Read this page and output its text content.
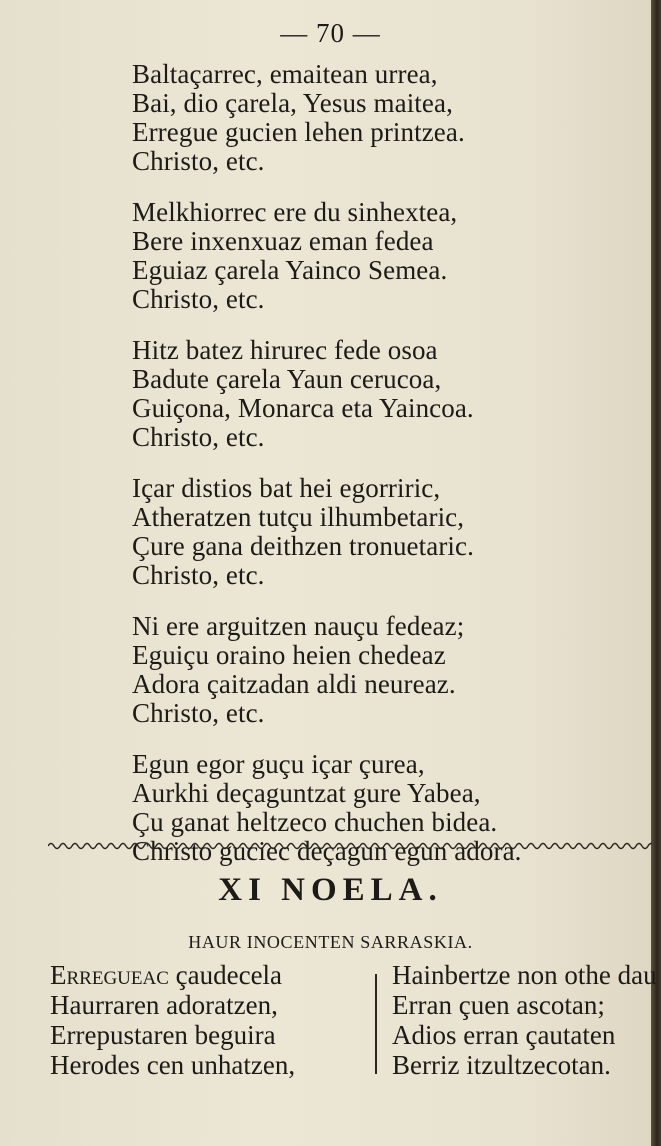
— 70 —
Baltaçarrec, emaitean urrea,
Bai, dio çarela, Yesus maitea,
Erregue gucien lehen printzea.
Christo, etc.
Melkhiorrec ere du sinhextea,
Bere inxenxuaz eman fedea
Eguiaz çarela Yainco Semea.
Christo, etc.
Hitz batez hirurec fede osoa
Badute çarela Yaun cerucoa,
Guiçona, Monarca eta Yaincoa.
Christo, etc.
Içar distios bat hei egorriric,
Atheratzen tutçu ilhumbetaric,
Çure gana deithzen tronuetaric.
Christo, etc.
Ni ere arguitzen nauçu fedeaz;
Eguiçu oraino heien chedeaz
Adora çaitzadan aldi neureaz.
Christo, etc.
Egun egor guçu içar çurea,
Aurkhi deçaguntzat gure Yabea,
Çu ganat heltzeco chuchen bidea.
Christo guciec deçagun egun adora.
XI NOELA.
HAUR INOCENTEN SARRASKIA.
Erregueac çaudecela
Haurraren adoratzen,
Errepustaren beguira
Herodes cen unhatzen,
Hainbertze non othe dau
Erran çuen ascotan;
Adios erran çautaten
Berriz itzultzecotan.
